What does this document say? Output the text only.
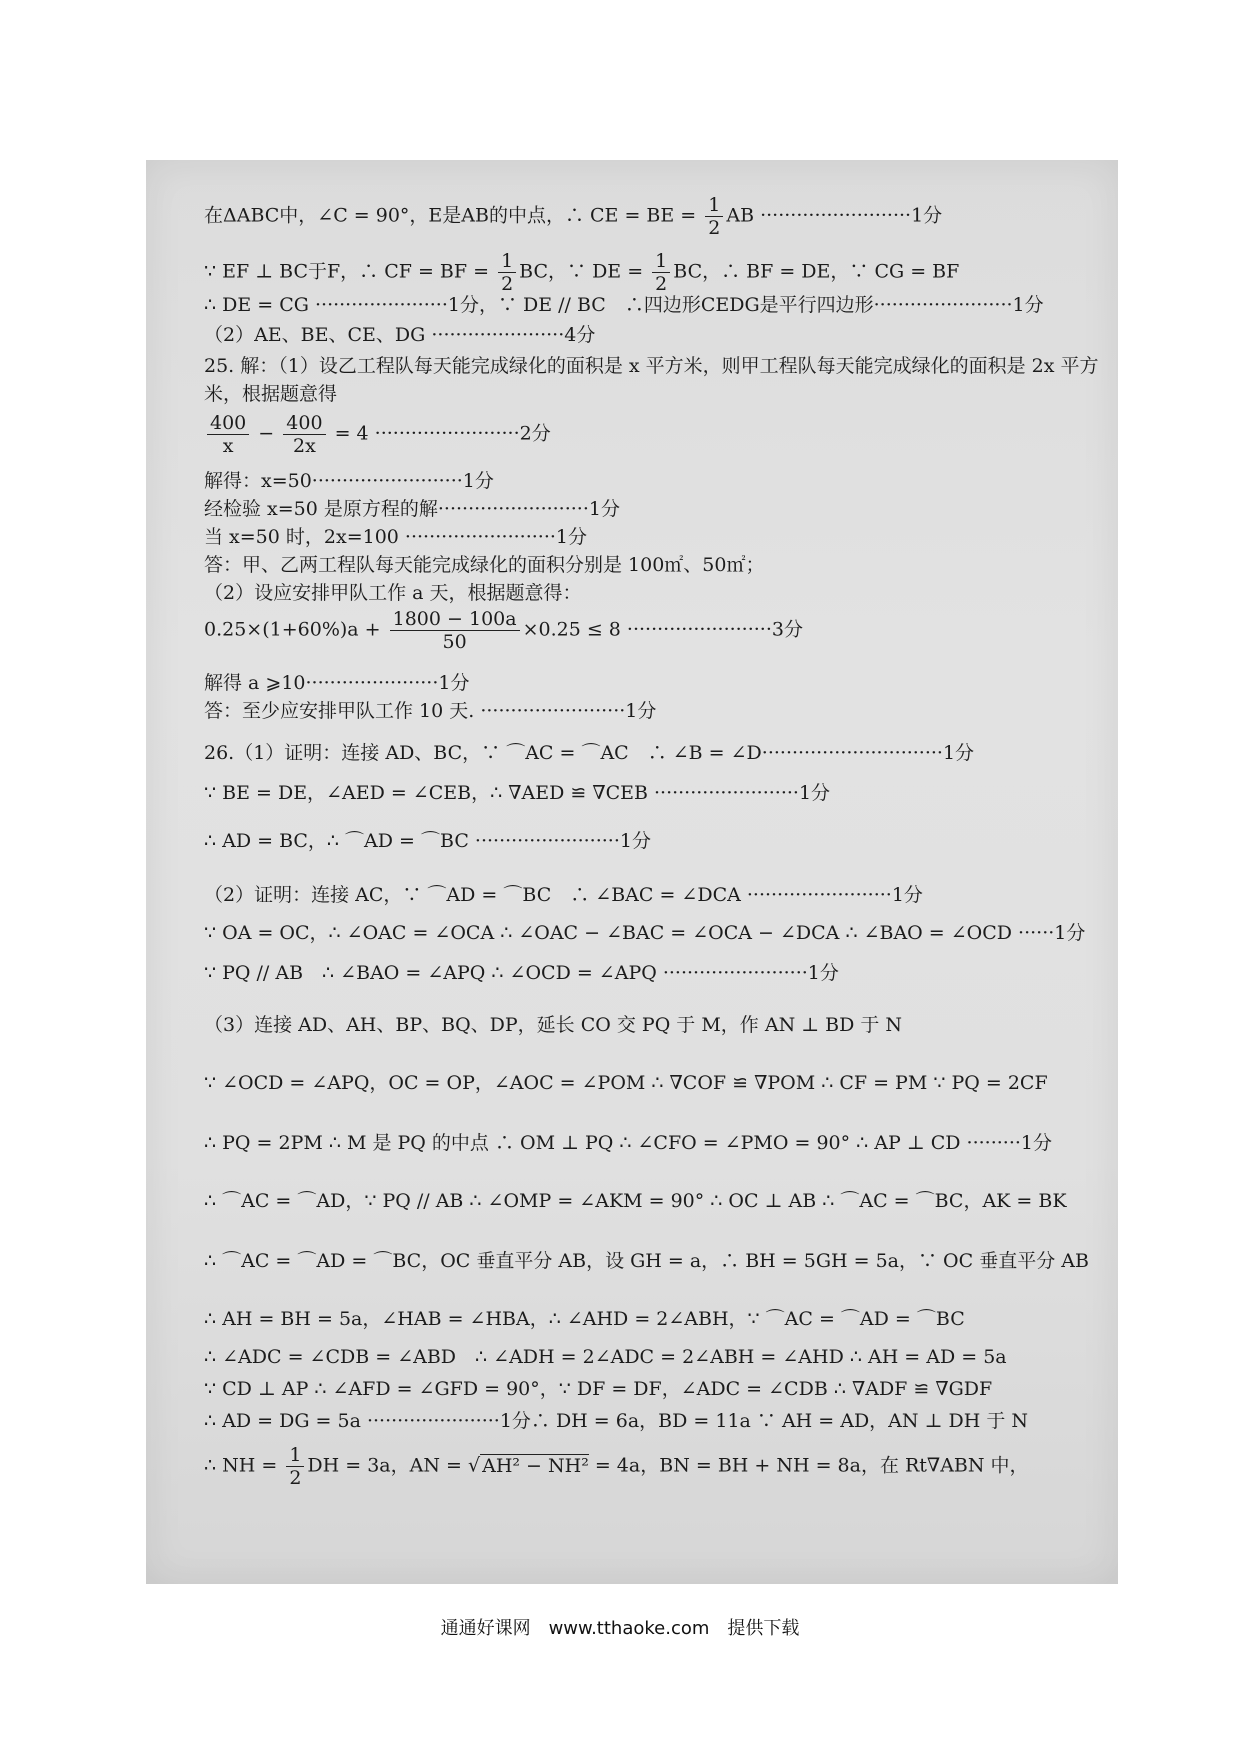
在ΔABC中，∠C = 90°，E是AB的中点，∴ CE = BE = $\frac{1}{2}$ AB ·························1分
∵ EF ⊥ BC于F，∴ CF = BF = $\frac{1}{2}$ BC，∵ DE = $\frac{1}{2}$ BC，∴ BF = DE，∵ CG = BF
∴ DE = CG ······················1分，∵ DE // BC　∴四边形CEDG是平行四边形·······················1分
（2）AE、BE、CE、DG ······················4分
25. 解：（1）设乙工程队每天能完成绿化的面积是 x 平方米，则甲工程队每天能完成绿化的面积是 2x 平方
米，根据题意得
$\frac{400}{x} - \frac{400}{2x} = 4 \cdot\cdot\cdot\cdot\cdot\cdot\cdot\cdot\cdot\cdot\cdot\cdot\cdot\cdot\cdot\cdot\cdot\cdot\cdot\cdot\cdot\cdot\cdot\cdot 2$分
解得：x=50·························1分
经检验 x=50 是原方程的解·························1分
当 x=50 时，2x=100 ·························1分
答：甲、乙两工程队每天能完成绿化的面积分别是 100㎡、50㎡；
（2）设应安排甲队工作 a 天，根据题意得：
$0.25\times(1+60\%)a + \frac{1800 - 100a}{50} \times 0.25 \le 8 \cdot\cdot\cdot\cdot\cdot\cdot\cdot\cdot\cdot\cdot\cdot\cdot\cdot\cdot\cdot\cdot\cdot\cdot\cdot\cdot\cdot\cdot\cdot\cdot 3$分
解得 a ⩾10······················1分
答：至少应安排甲队工作 10 天. ························1分
26.（1）证明：连接 AD、BC，∵ ⌒AC = ⌒AC　∴ ∠B = ∠D······························1分
∵ BE = DE，∠AED = ∠CEB，∴ ∇AED ≌ ∇CEB ························1分
∴ AD = BC，∴ ⌒AD = ⌒BC ························1分
（2）证明：连接 AC，∵ ⌒AD = ⌒BC　∴ ∠BAC = ∠DCA ························1分
∵ OA = OC，∴ ∠OAC = ∠OCA ∴ ∠OAC − ∠BAC = ∠OCA − ∠DCA ∴ ∠BAO = ∠OCD ······1分
∵ PQ // AB　∴ ∠BAO = ∠APQ ∴ ∠OCD = ∠APQ ························1分
（3）连接 AD、AH、BP、BQ、DP，延长 CO 交 PQ 于 M，作 AN ⊥ BD 于 N
∵ ∠OCD = ∠APQ，OC = OP，∠AOC = ∠POM ∴ ∇COF ≌ ∇POM ∴ CF = PM ∵ PQ = 2CF
∴ PQ = 2PM ∴ M 是 PQ 的中点 ∴ OM ⊥ PQ ∴ ∠CFO = ∠PMO = 90° ∴ AP ⊥ CD ·········1分
∴ ⌒AC = ⌒AD，∵ PQ // AB ∴ ∠OMP = ∠AKM = 90° ∴ OC ⊥ AB ∴ ⌒AC = ⌒BC，AK = BK
∴ ⌒AC = ⌒AD = ⌒BC，OC 垂直平分 AB，设 GH = a，∴ BH = 5GH = 5a，∵ OC 垂直平分 AB
∴ AH = BH = 5a，∠HAB = ∠HBA，∴ ∠AHD = 2∠ABH，∵ ⌒AC = ⌒AD = ⌒BC
∴ ∠ADC = ∠CDB = ∠ABD　∴ ∠ADH = 2∠ADC = 2∠ABH = ∠AHD ∴ AH = AD = 5a
∵ CD ⊥ AP ∴ ∠AFD = ∠GFD = 90°，∵ DF = DF，∠ADC = ∠CDB ∴ ∇ADF ≌ ∇GDF
∴ AD = DG = 5a ······················1分∴ DH = 6a，BD = 11a ∵ AH = AD，AN ⊥ DH 于 N
∴ NH = $\frac{1}{2}$ DH = 3a，AN = √ AH² − NH² = 4a，BN = BH + NH = 8a，在 Rt∇ABN 中，
通通好课网　www.tthaoke.com　提供下载
